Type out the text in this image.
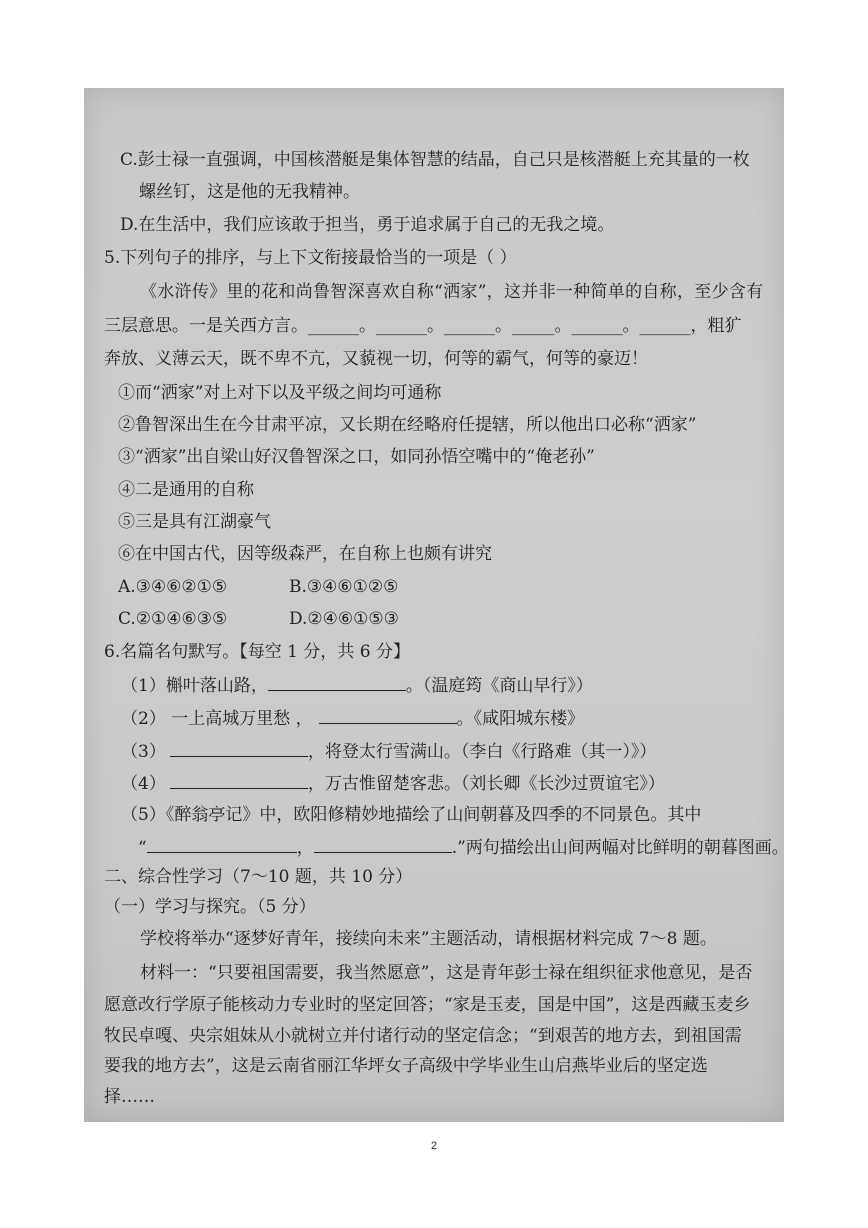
C.彭士禄一直强调，中国核潜艇是集体智慧的结晶，自己只是核潜艇上充其量的一枚
螺丝钉，这是他的无我精神。
D.在生活中，我们应该敢于担当，勇于追求属于自己的无我之境。
5.下列句子的排序，与上下文衔接最恰当的一项是（ ）
《水浒传》里的花和尚鲁智深喜欢自称“洒家”，这并非一种简单的自称，至少含有
三层意思。一是关西方言。______。______。______。_____。______。______，粗犷
奔放、义薄云天，既不卑不亢，又藐视一切，何等的霸气，何等的豪迈！
①而“洒家”对上对下以及平级之间均可通称
②鲁智深出生在今甘肃平凉，又长期在经略府任提辖，所以他出口必称“洒家”
③“洒家”出自梁山好汉鲁智深之口，如同孙悟空嘴中的“俺老孙”
④二是通用的自称
⑤三是具有江湖豪气
⑥在中国古代，因等级森严，在自称上也颇有讲究
A.③④⑥②①⑤	B.③④⑥①②⑤
C.②①④⑥③⑤	D.②④⑥①⑤③
6.名篇名句默写。【每空 1 分，共 6 分】
（1）槲叶落山路，	。（温庭筠《商山早行》）
（2） 一上高城万里愁 ，	。《咸阳城东楼》
（3）	，将登太行雪满山。（李白《行路难（其一）》）
（4）	，万古惟留楚客悲。（刘长卿《长沙过贾谊宅》）
（5）《醉翁亭记》中，欧阳修精妙地描绘了山间朝暮及四季的不同景色。其中
“	，	.”两句描绘出山间两幅对比鲜明的朝暮图画。
二、综合性学习（7～10 题，共 10 分）
（一）学习与探究。（5 分）
学校将举办“逐梦好青年，接续向未来”主题活动，请根据材料完成 7～8 题。
材料一：“只要祖国需要，我当然愿意”，这是青年彭士禄在组织征求他意见，是否
愿意改行学原子能核动力专业时的坚定回答；“家是玉麦，国是中国”，这是西藏玉麦乡
牧民卓嘎、央宗姐妹从小就树立并付诸行动的坚定信念；“到艰苦的地方去，到祖国需
要我的地方去”，这是云南省丽江华坪女子高级中学毕业生山启燕毕业后的坚定选
择……
2
